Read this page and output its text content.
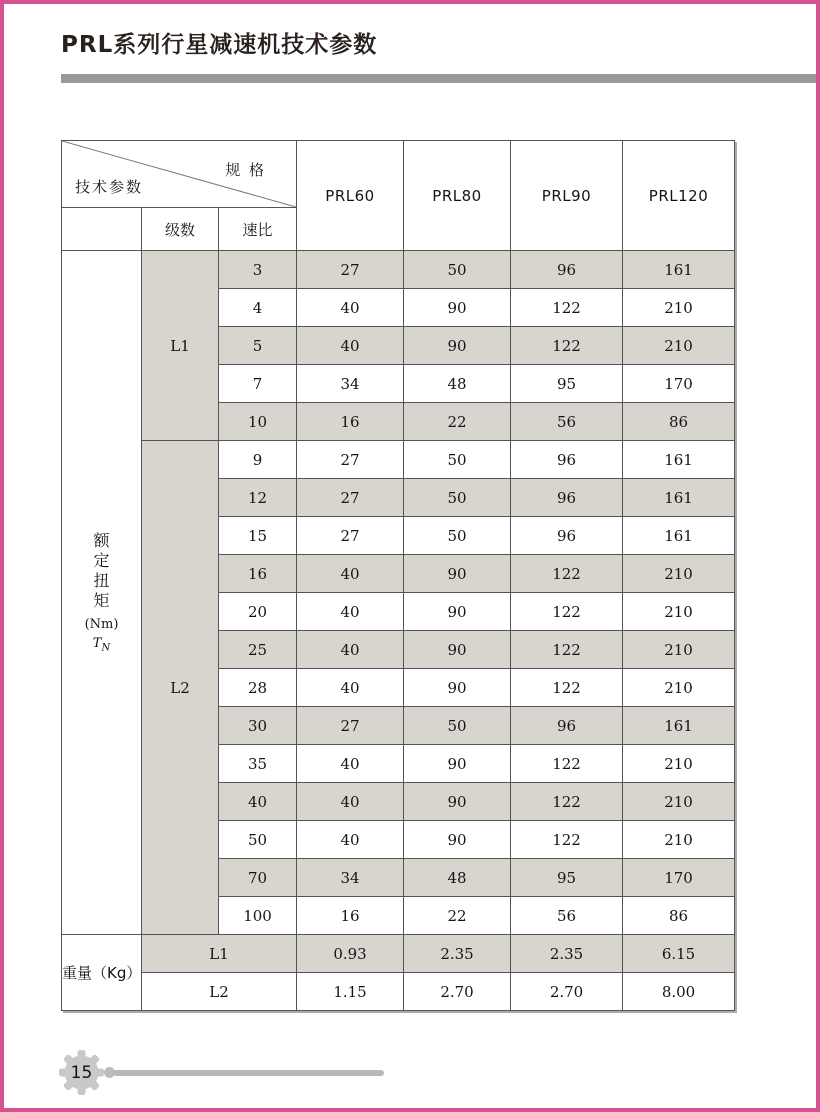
PRL系列行星减速机技术参数
规 格
技术参数			PRL60	PRL80	PRL90	PRL120
	级数	速比				

额
定
扭
矩
(Nm)
$T_N$
	L1	3	27	50	96	161
		4	40	90	122	210
		5	40	90	122	210
		7	34	48	95	170
		10	16	22	56	86
	L2	9	27	50	96	161
		12	27	50	96	161
		15	27	50	96	161
		16	40	90	122	210
		20	40	90	122	210
		25	40	90	122	210
		28	40	90	122	210
		30	27	50	96	161
		35	40	90	122	210
		40	40	90	122	210
		50	40	90	122	210
		70	34	48	95	170
		100	16	22	56	86
重量（Kg）	L1		0.93	2.35	2.35	6.15
	L2		1.15	2.70	2.70	8.00
15
